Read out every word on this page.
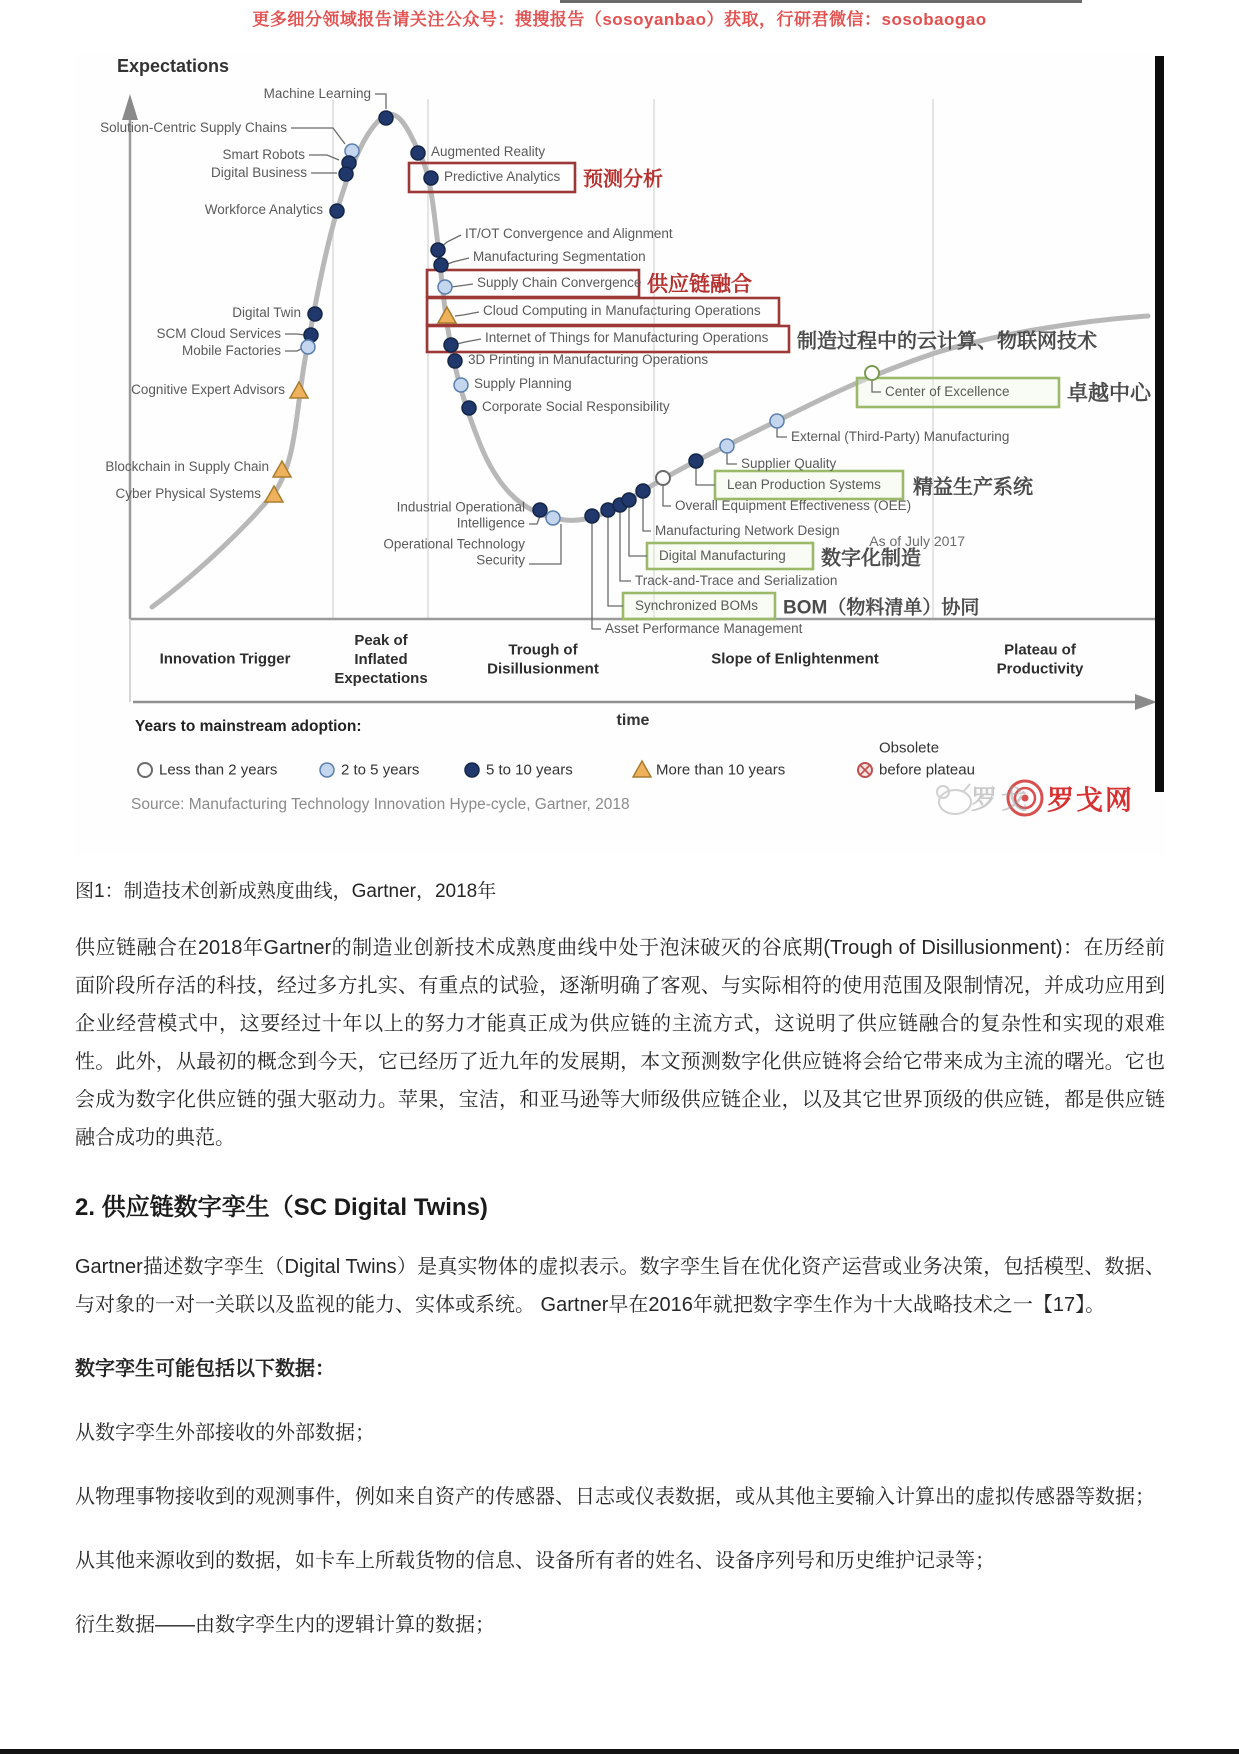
更多细分领域报告请关注公众号：搜搜报告（sosoyanbao）获取，行研君微信：sosobaogao
Expectations
time
Years to mainstream adoption:
As of July 2017
Source: Manufacturing Technology Innovation Hype-cycle, Gartner, 2018	罗戈 罗戈网
Machine Learning
Solution-Centric Supply Chains
Smart Robots
Digital Business
Workforce Analytics
Digital Twin
SCM Cloud Services
Mobile Factories
Cognitive Expert Advisors
Blockchain in Supply Chain
Cyber Physical Systems
Augmented Reality
Predictive Analytics
IT/OT Convergence and Alignment
Manufacturing Segmentation
Supply Chain Convergence
Cloud Computing in Manufacturing Operations
Internet of Things for Manufacturing Operations
3D Printing in Manufacturing Operations
Supply Planning
Corporate Social Responsibility
Industrial Operational
Intelligence
Operational Technology
Security
Asset Performance Management
Synchronized BOMs
Track-and-Trace and Serialization
Digital Manufacturing
Manufacturing Network Design
Overall Equipment Effectiveness (OEE)
Lean Production Systems
Supplier Quality
External (Third-Party) Manufacturing
Center of Excellence
预测分析
供应链融合
制造过程中的云计算、物联网技术
卓越中心
精益生产系统
数字化制造
BOM（物料清单）协同
Innovation Trigger
Peak of
Inflated
Expectations
Trough of
Disillusionment
Slope of Enlightenment
Plateau of
Productivity
Less than 2 years	2 to 5 years	5 to 10 years	More than 10 years	before plateau
Obsolete

图1：制造技术创新成熟度曲线，Gartner，2018年

供应链融合在2018年Gartner的制造业创新技术成熟度曲线中处于泡沫破灭的谷底期(Trough of Disillusionment)：在历经前面阶段所存活的科技，经过多方扎实、有重点的试验，逐渐明确了客观、与实际相符的使用范围及限制情况，并成功应用到企业经营模式中，这要经过十年以上的努力才能真正成为供应链的主流方式，这说明了供应链融合的复杂性和实现的艰难性。此外，从最初的概念到今天，它已经历了近九年的发展期，本文预测数字化供应链将会给它带来成为主流的曙光。它也会成为数字化供应链的强大驱动力。苹果，宝洁，和亚马逊等大师级供应链企业，以及其它世界顶级的供应链，都是供应链融合成功的典范。

2. 供应链数字孪生（SC Digital Twins)

Gartner描述数字孪生（Digital Twins）是真实物体的虚拟表示。数字孪生旨在优化资产运营或业务决策，包括模型、数据、与对象的一对一关联以及监视的能力、实体或系统。 Gartner早在2016年就把数字孪生作为十大战略技术之一【17】。

数字孪生可能包括以下数据：

从数字孪生外部接收的外部数据；

从物理事物接收到的观测事件，例如来自资产的传感器、日志或仪表数据，或从其他主要输入计算出的虚拟传感器等数据；

从其他来源收到的数据，如卡车上所载货物的信息、设备所有者的姓名、设备序列号和历史维护记录等；

衍生数据——由数字孪生内的逻辑计算的数据；
